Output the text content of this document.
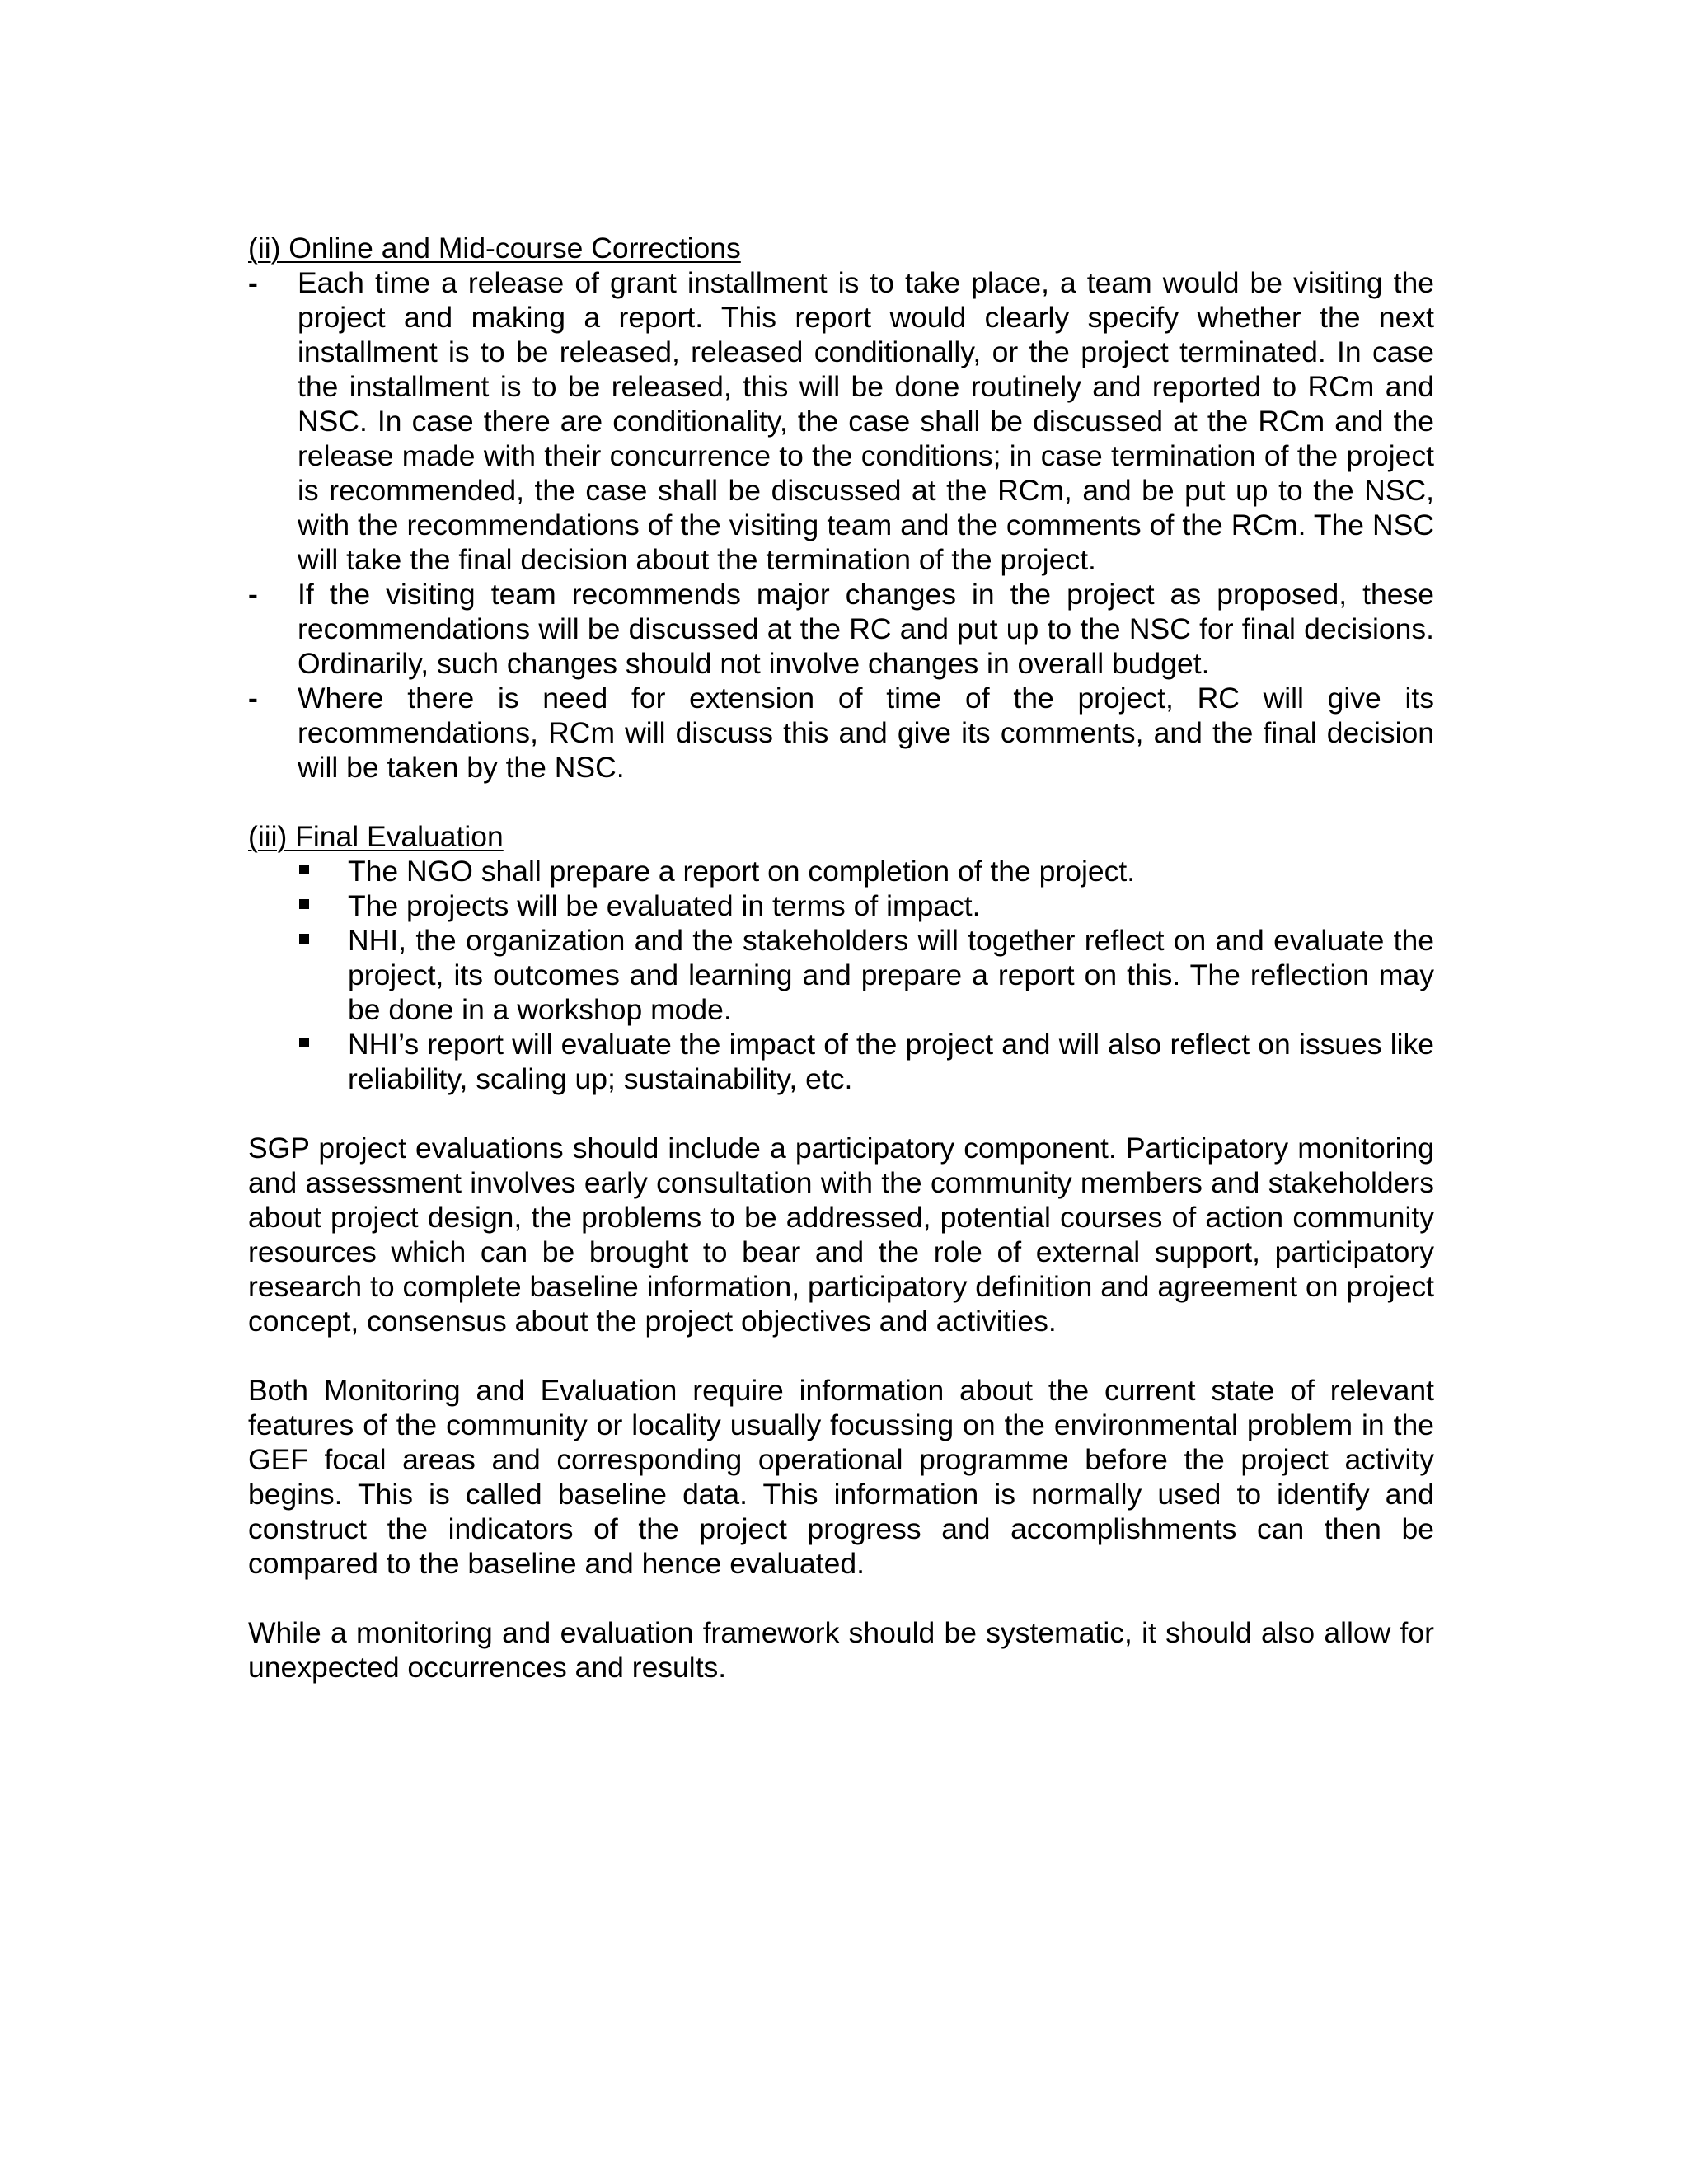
(ii) Online and Mid-course Corrections

- Each time a release of grant installment is to take place, a team would be visiting the project and making a report. This report would clearly specify whether the next installment is to be released, released conditionally, or the project terminated. In case the installment is to be released, this will be done routinely and reported to RCm and NSC. In case there are conditionality, the case shall be discussed at the RCm and the release made with their concurrence to the conditions; in case termination of the project is recommended, the case shall be discussed at the RCm, and be put up to the NSC, with the recommendations of the visiting team and the comments of the RCm. The NSC will take the final decision about the termination of the project.
- If the visiting team recommends major changes in the project as proposed, these recommendations will be discussed at the RC and put up to the NSC for final decisions. Ordinarily, such changes should not involve changes in overall budget.
- Where there is need for extension of time of the project, RC will give its recommendations, RCm will discuss this and give its comments, and the final decision will be taken by the NSC.

(iii) Final Evaluation

The NGO shall prepare a report on completion of the project.
The projects will be evaluated in terms of impact.
NHI, the organization and the stakeholders will together reflect on and evaluate the project, its outcomes and learning and prepare a report on this. The reflection may be done in a workshop mode.
NHI’s report will evaluate the impact of the project and will also reflect on issues like reliability, scaling up; sustainability, etc.

SGP project evaluations should include a participatory component. Participatory monitoring and assessment involves early consultation with the community members and stakeholders about project design, the problems to be addressed, potential courses of action community resources which can be brought to bear and the role of external support, participatory research to complete baseline information, participatory definition and agreement on project concept, consensus about the project objectives and activities.

Both Monitoring and Evaluation require information about the current state of relevant features of the community or locality usually focussing on the environmental problem in the GEF focal areas and corresponding operational programme before the project activity begins. This is called baseline data. This information is normally used to identify and construct the indicators of the project progress and accomplishments can then be compared to the baseline and hence evaluated.

While a monitoring and evaluation framework should be systematic, it should also allow for unexpected occurrences and results.
